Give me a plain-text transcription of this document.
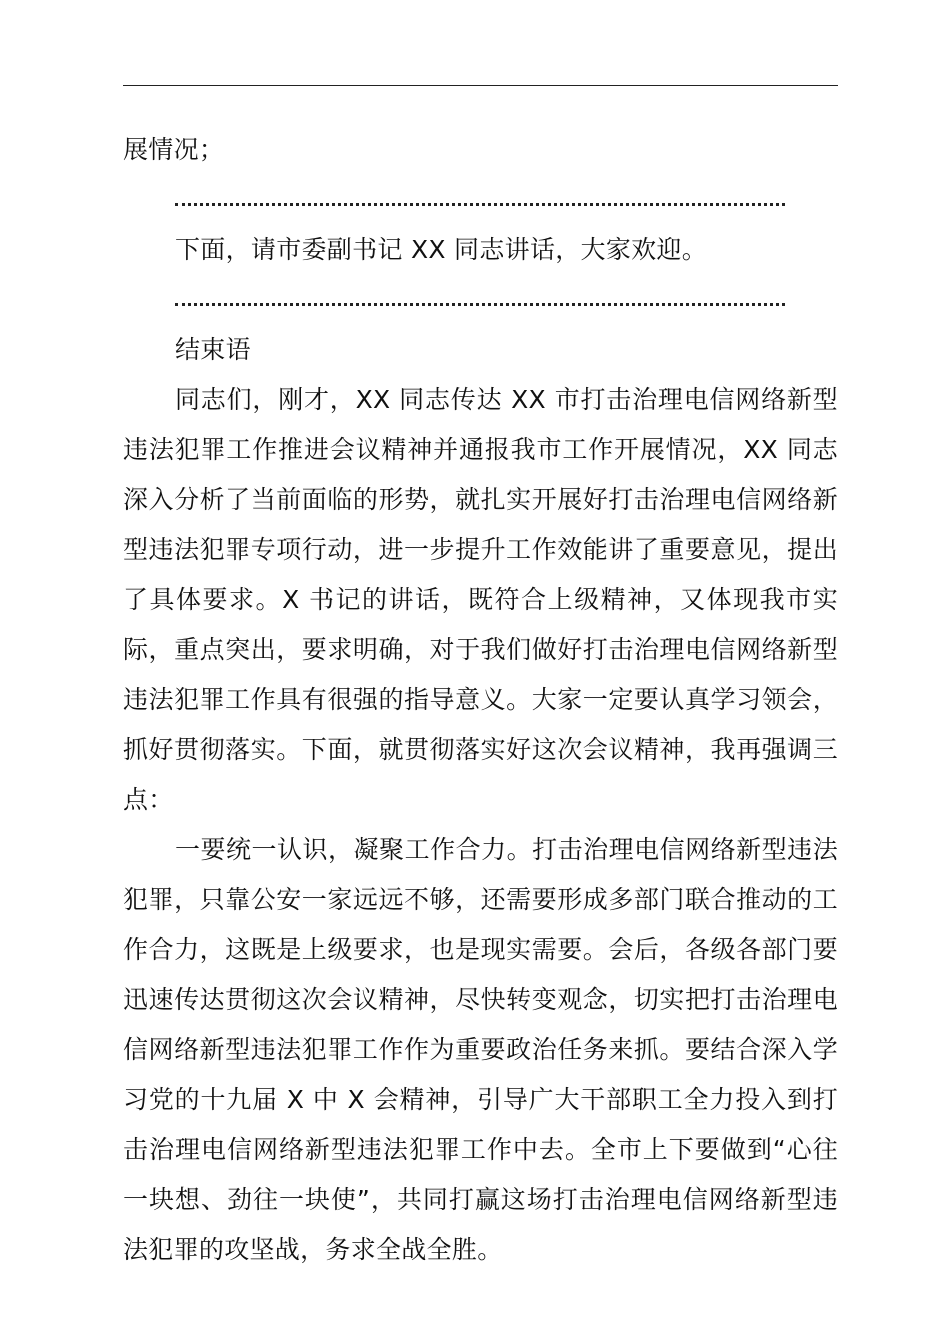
展情况；

下面，请市委副书记 XX 同志讲话，大家欢迎。

结束语

同志们，刚才，XX 同志传达 XX 市打击治理电信网络新型违法犯罪工作推进会议精神并通报我市工作开展情况，XX 同志深入分析了当前面临的形势，就扎实开展好打击治理电信网络新型违法犯罪专项行动，进一步提升工作效能讲了重要意见，提出了具体要求。X 书记的讲话，既符合上级精神，又体现我市实际，重点突出，要求明确，对于我们做好打击治理电信网络新型违法犯罪工作具有很强的指导意义。大家一定要认真学习领会，抓好贯彻落实。下面，就贯彻落实好这次会议精神，我再强调三点：

一要统一认识，凝聚工作合力。打击治理电信网络新型违法犯罪，只靠公安一家远远不够，还需要形成多部门联合推动的工作合力，这既是上级要求，也是现实需要。会后，各级各部门要迅速传达贯彻这次会议精神，尽快转变观念，切实把打击治理电信网络新型违法犯罪工作作为重要政治任务来抓。要结合深入学习党的十九届 X 中 X 会精神，引导广大干部职工全力投入到打击治理电信网络新型违法犯罪工作中去。全市上下要做到“心往一块想、劲往一块使”，共同打赢这场打击治理电信网络新型违法犯罪的攻坚战，务求全战全胜。
